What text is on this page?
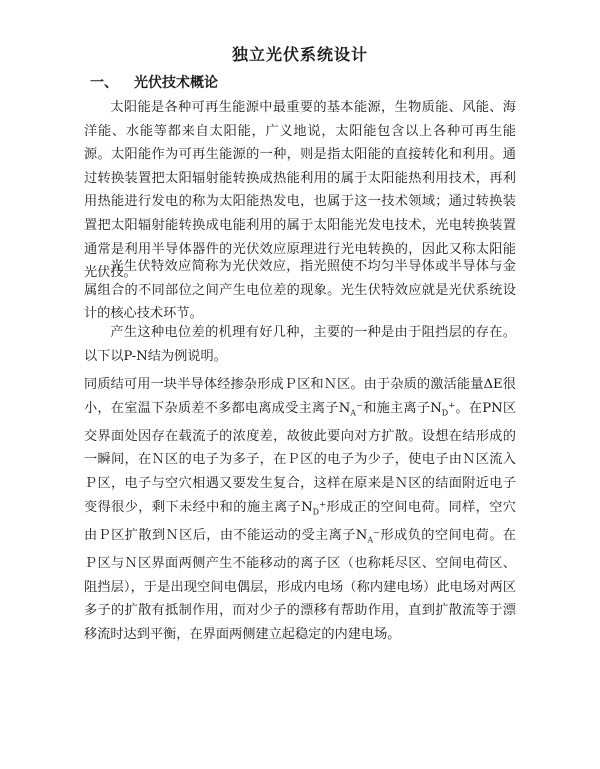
独立光伏系统设计
一、 光伏技术概论

太阳能是各种可再生能源中最重要的基本能源，生物质能、风能、海洋能、水能等都来自太阳能，广义地说，太阳能包含以上各种可再生能源。太阳能作为可再生能源的一种，则是指太阳能的直接转化和利用。通过转换装置把太阳辐射能转换成热能利用的属于太阳能热利用技术，再利用热能进行发电的称为太阳能热发电，也属于这一技术领域；通过转换装置把太阳辐射能转换成电能利用的属于太阳能光发电技术，光电转换装置通常是利用半导体器件的光伏效应原理进行光电转换的，因此又称太阳能光伏技。

光生伏特效应简称为光伏效应，指光照使不均匀半导体或半导体与金属组合的不同部位之间产生电位差的现象。光生伏特效应就是光伏系统设计的核心技术环节。

产生这种电位差的机理有好几种，主要的一种是由于阻挡层的存在。以下以P-N结为例说明。

同质结可用一块半导体经掺杂形成Ｐ区和Ｎ区。由于杂质的激活能量ΔE很小，在室温下杂质差不多都电离成受主离子$N_A^-$和施主离子$N_D^+$。在PN区交界面处因存在载流子的浓度差，故彼此要向对方扩散。设想在结形成的一瞬间，在Ｎ区的电子为多子，在Ｐ区的电子为少子，使电子由Ｎ区流入Ｐ区，电子与空穴相遇又要发生复合，这样在原来是Ｎ区的结面附近电子变得很少，剩下未经中和的施主离子$N_D^+$形成正的空间电荷。同样，空穴由Ｐ区扩散到Ｎ区后，由不能运动的受主离子$N_A^-$形成负的空间电荷。在Ｐ区与Ｎ区界面两侧产生不能移动的离子区（也称耗尽区、空间电荷区、阻挡层），于是出现空间电偶层，形成内电场（称内建电场）此电场对两区多子的扩散有抵制作用，而对少子的漂移有帮助作用，直到扩散流等于漂移流时达到平衡，在界面两侧建立起稳定的内建电场。
